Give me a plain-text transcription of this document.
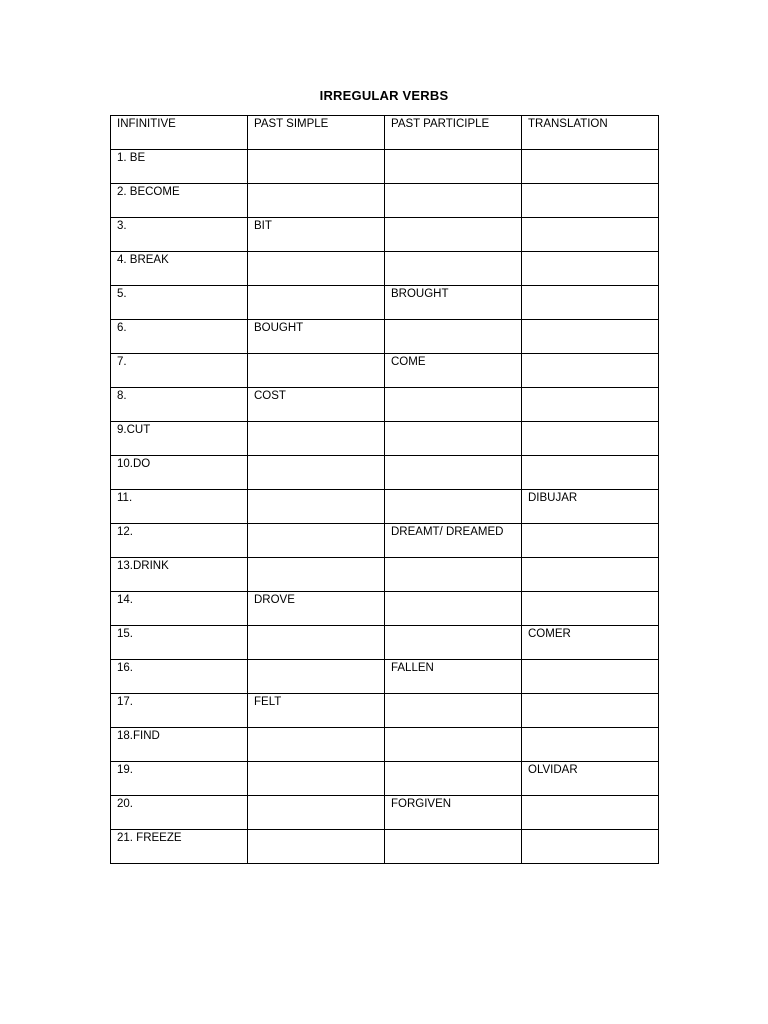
IRREGULAR VERBS
INFINITIVE	PAST SIMPLE	PAST PARTICIPLE	TRANSLATION
1. BE			
2. BECOME			
3.	BIT		
4. BREAK			
5.		BROUGHT	
6.	BOUGHT		
7.		COME	
8.	COST		
9.CUT			
10.DO			
11.			DIBUJAR
12.		DREAMT/ DREAMED	
13.DRINK			
14.	DROVE		
15.			COMER
16.		FALLEN	
17.	FELT		
18.FIND			
19.			OLVIDAR
20.		FORGIVEN	
21. FREEZE			
